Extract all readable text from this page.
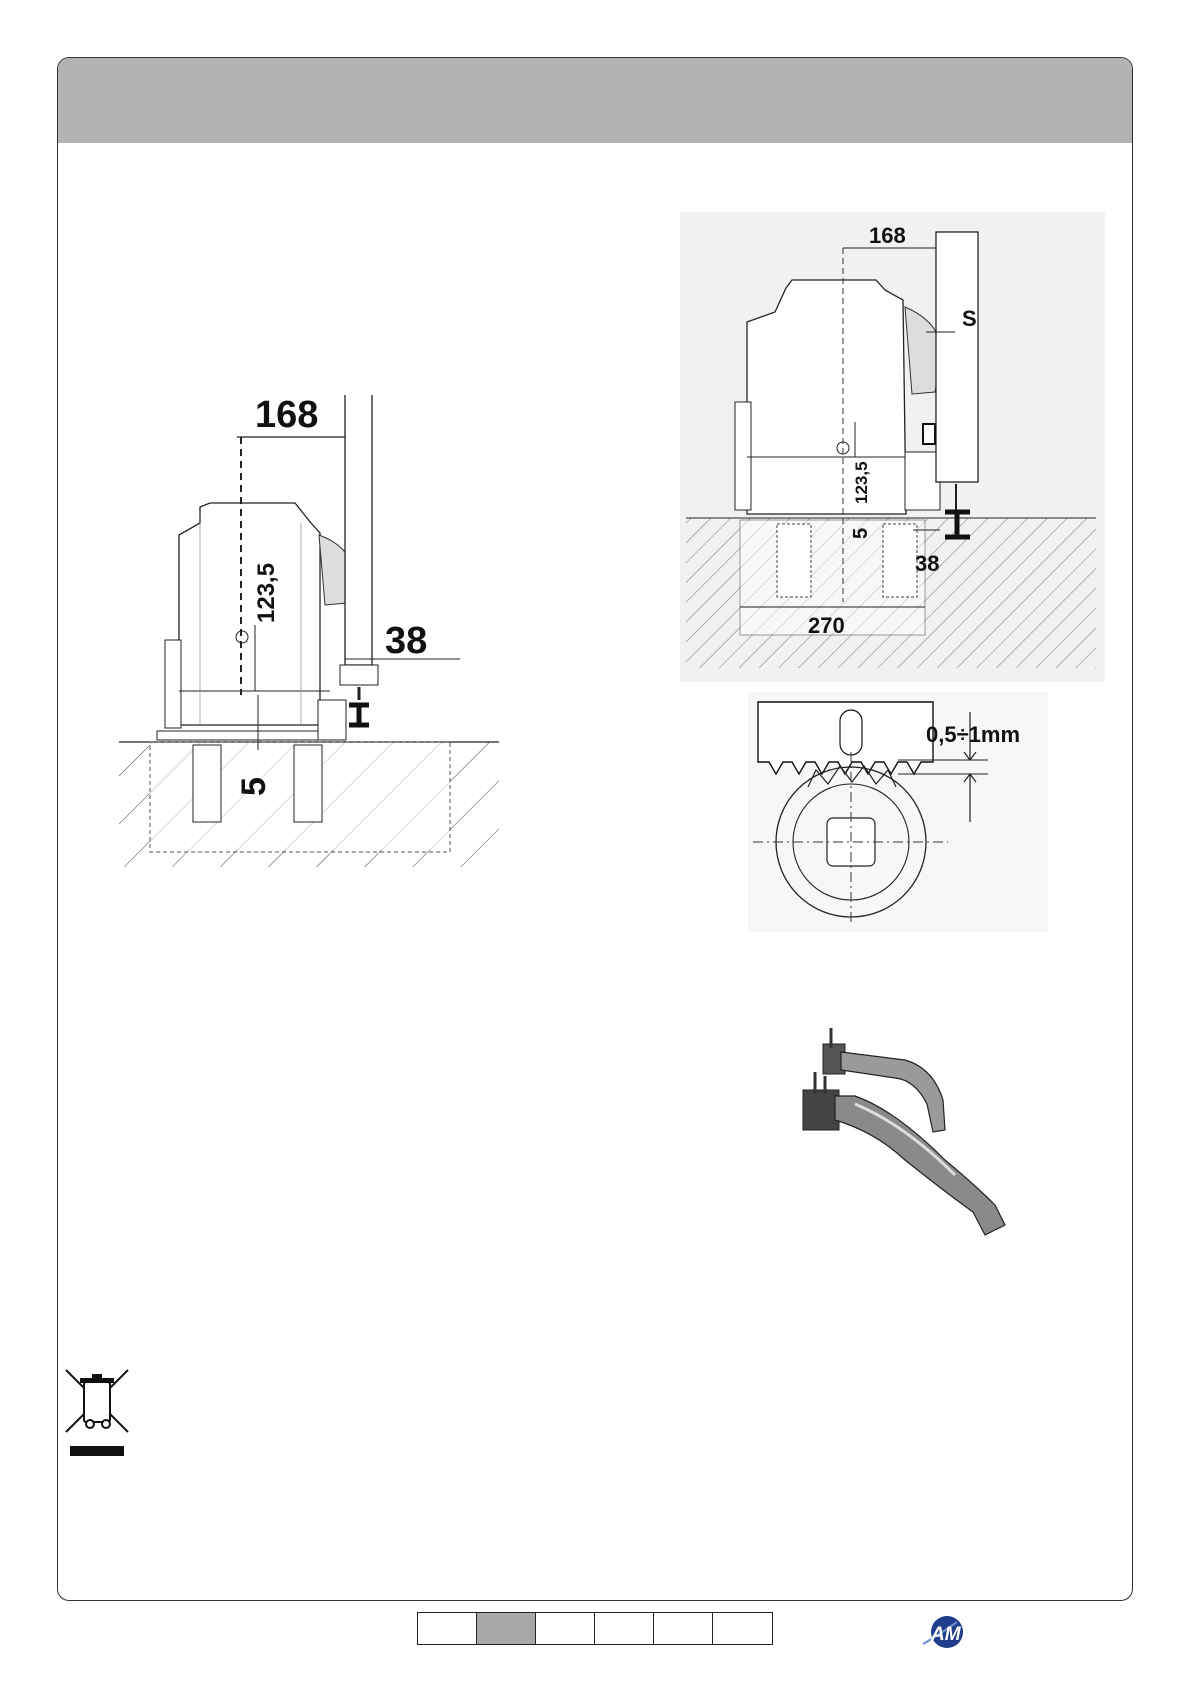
168
123,5
38
5
168
S
123,5
5
38
270
0,5÷1mm
AM
